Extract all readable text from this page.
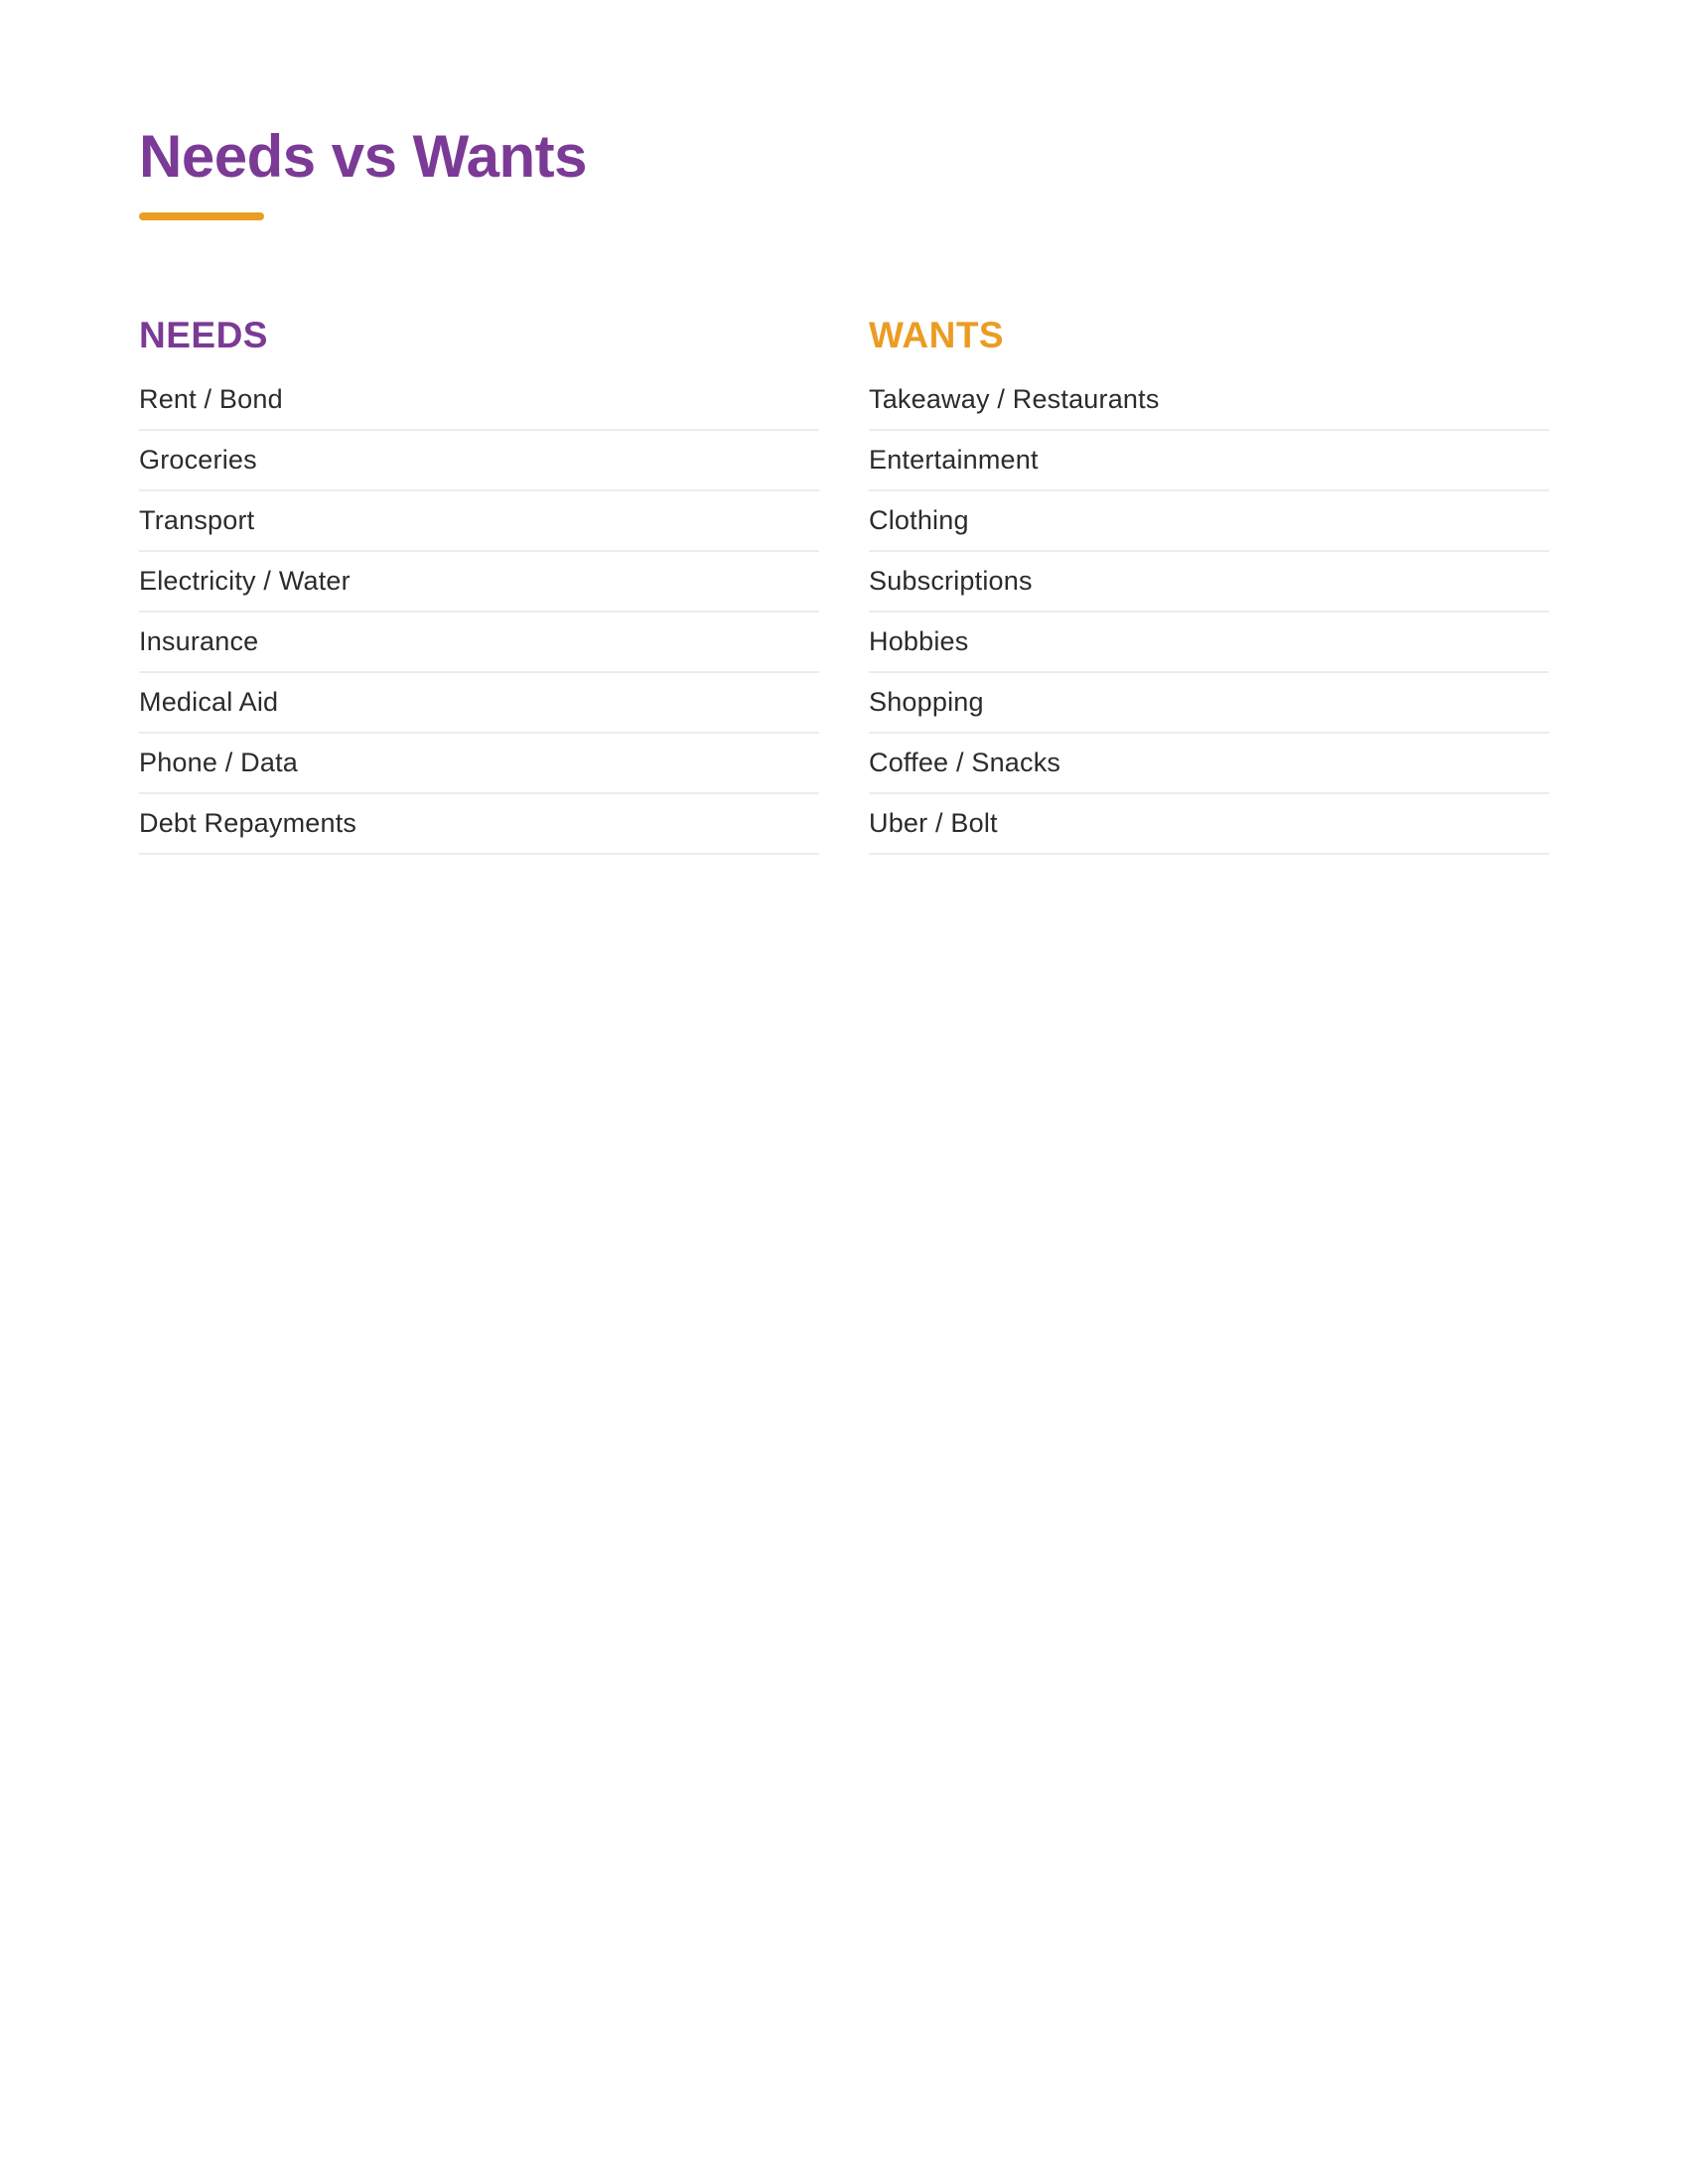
Needs vs Wants
NEEDS
Rent / Bond
Groceries
Transport
Electricity / Water
Insurance
Medical Aid
Phone / Data
Debt Repayments
WANTS
Takeaway / Restaurants
Entertainment
Clothing
Subscriptions
Hobbies
Shopping
Coffee / Snacks
Uber / Bolt
